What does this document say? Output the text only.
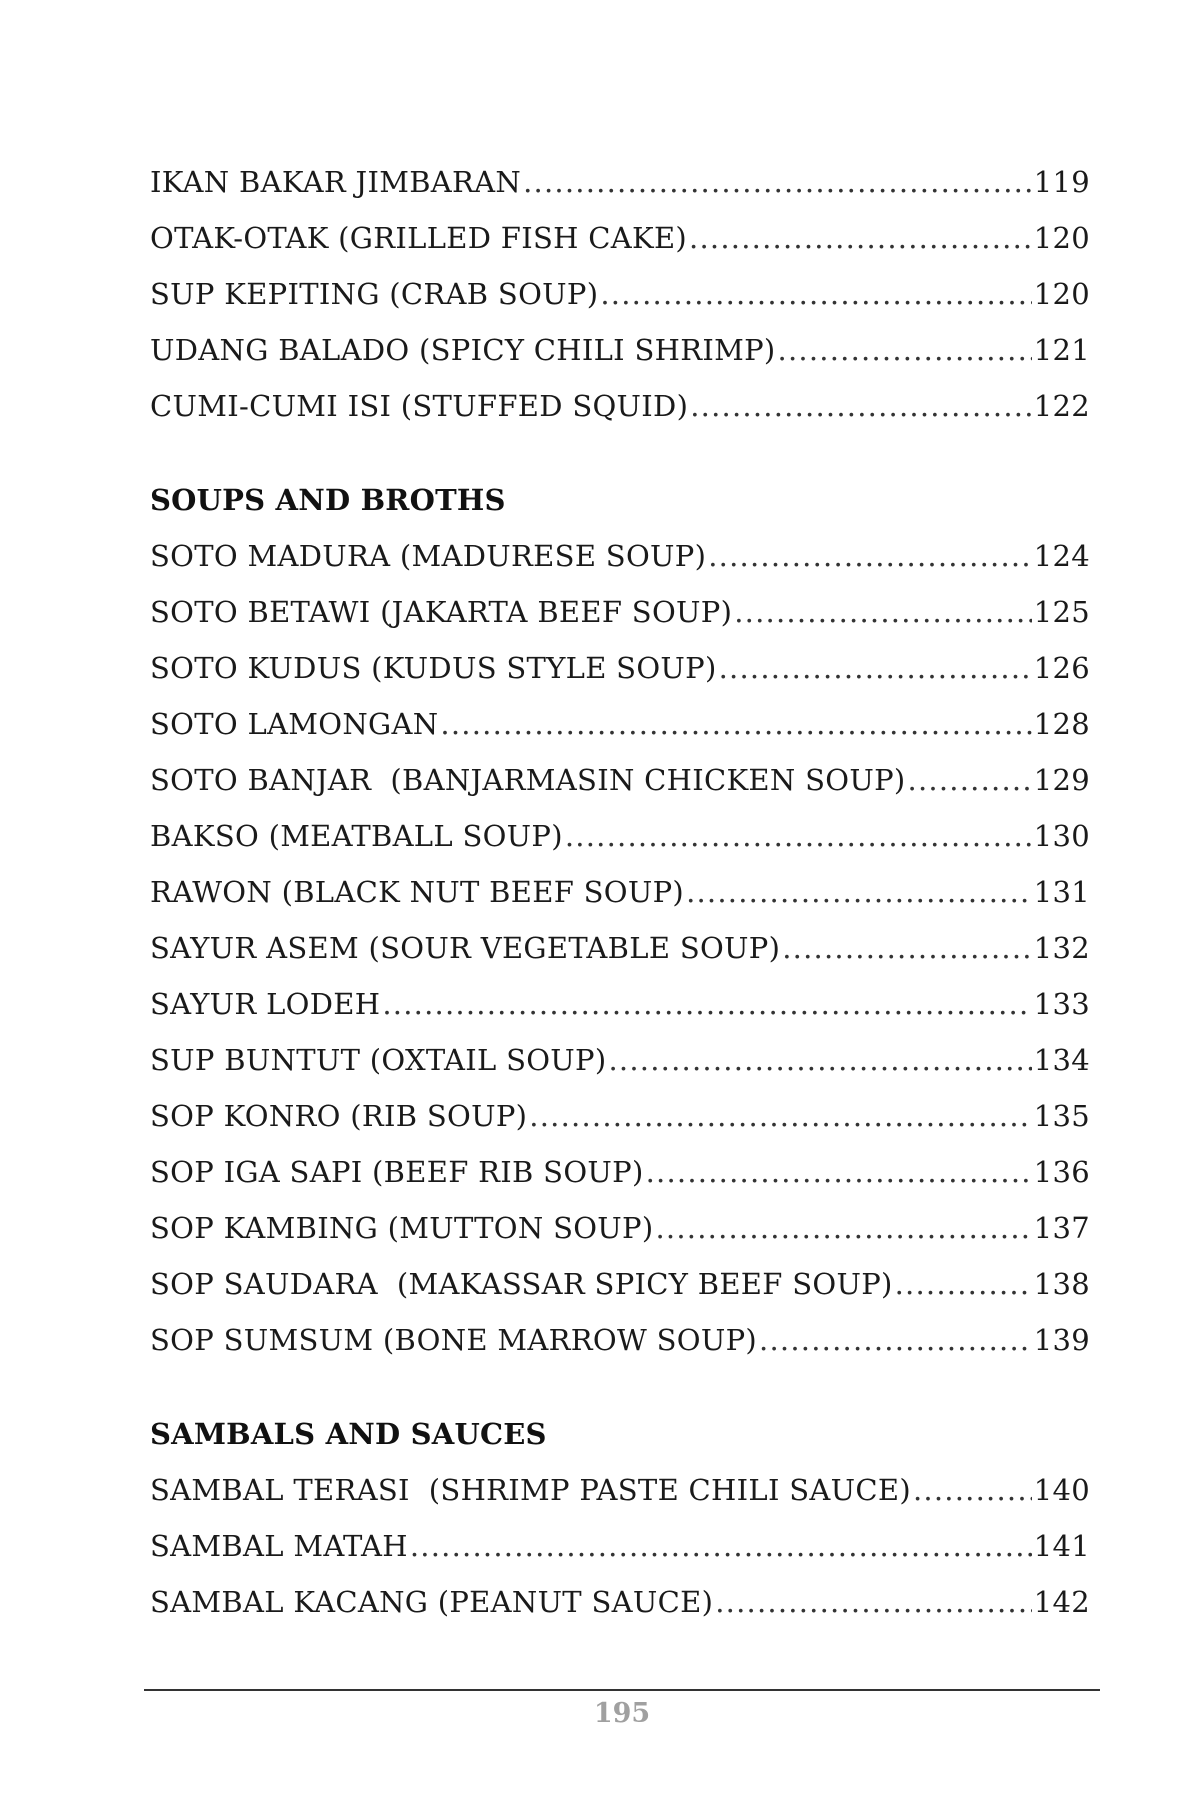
IKAN BAKAR JIMBARAN . . .	119
OTAK-OTAK (GRILLED FISH CAKE) . . .	120
SUP KEPITING (CRAB SOUP) . . .	120
UDANG BALADO (SPICY CHILI SHRIMP) . . .	121
CUMI-CUMI ISI (STUFFED SQUID) . . .	122
SOUPS AND BROTHS
SOTO MADURA (MADURESE SOUP) . . .	124
SOTO BETAWI (JAKARTA BEEF SOUP) . . .	125
SOTO KUDUS (KUDUS STYLE SOUP) . . .	126
SOTO LAMONGAN . . .	128
SOTO BANJAR  (BANJARMASIN CHICKEN SOUP) . . .	129
BAKSO (MEATBALL SOUP) . . .	130
RAWON (BLACK NUT BEEF SOUP) . . .	131
SAYUR ASEM (SOUR VEGETABLE SOUP) . . .	132
SAYUR LODEH . . .	133
SUP BUNTUT (OXTAIL SOUP) . . .	134
SOP KONRO (RIB SOUP) . . .	135
SOP IGA SAPI (BEEF RIB SOUP) . . .	136
SOP KAMBING (MUTTON SOUP) . . .	137
SOP SAUDARA  (MAKASSAR SPICY BEEF SOUP) . . .	138
SOP SUMSUM (BONE MARROW SOUP) . . .	139
SAMBALS AND SAUCES
SAMBAL TERASI  (SHRIMP PASTE CHILI SAUCE) . . .	140
SAMBAL MATAH . . .	141
SAMBAL KACANG (PEANUT SAUCE) . . .	142
195
